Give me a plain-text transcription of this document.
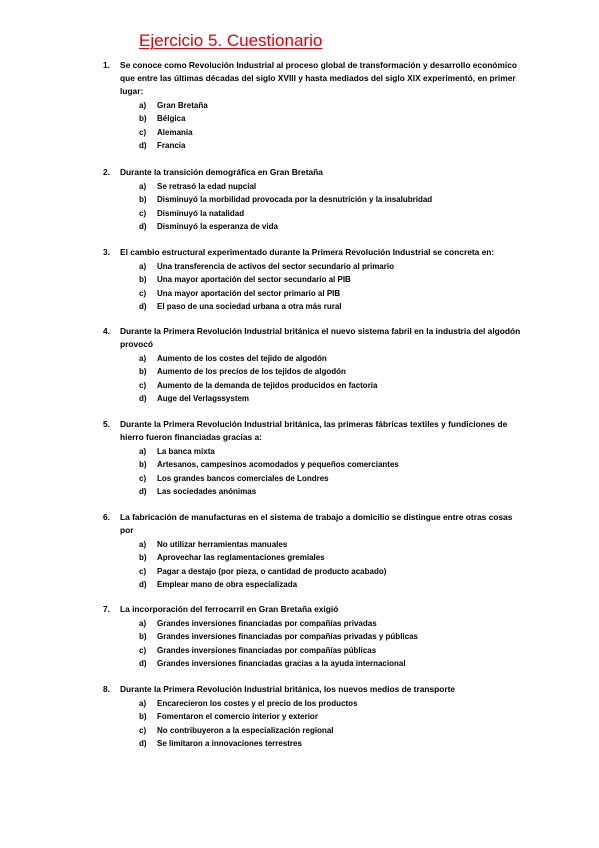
Ejercicio 5. Cuestionario
1.	Se conoce como Revolución Industrial al proceso global de transformación y desarrollo económico que entre las últimas décadas del siglo XVIII y hasta mediados del siglo XIX experimentó, en primer lugar:
a)	Gran Bretaña
b)	Bélgica
c)	Alemania
d)	Francia
2.	Durante la transición demográfica en Gran Bretaña
a)	Se retrasó la edad nupcial
b)	Disminuyó la morbilidad provocada por la desnutrición y la insalubridad
c)	Disminuyó la natalidad
d)	Disminuyó la esperanza de vida
3.	El cambio estructural experimentado durante la Primera Revolución Industrial se concreta en:
a)	Una transferencia de activos del sector secundario al primario
b)	Una mayor aportación del sector secundario al PIB
c)	Una mayor aportación del sector primario al PIB
d)	El paso de una sociedad urbana a otra más rural
4.	Durante la Primera Revolución Industrial británica el nuevo sistema fabril en la industria del algodón provocó
a)	Aumento de los costes del tejido de algodón
b)	Aumento de los precios de los tejidos de algodón
c)	Aumento de la demanda de tejidos producidos en factoría
d)	Auge del Verlagssystem
5.	Durante la Primera Revolución Industrial británica, las primeras fábricas textiles y fundiciones de hierro fueron financiadas gracias a:
a)	La banca mixta
b)	Artesanos, campesinos acomodados y pequeños comerciantes
c)	Los grandes bancos comerciales de Londres
d)	Las sociedades anónimas
6.	La fabricación de manufacturas en el sistema de trabajo a domicilio se distingue entre otras cosas por
a)	No utilizar herramientas manuales
b)	Aprovechar las reglamentaciones gremiales
c)	Pagar a destajo (por pieza, o cantidad de producto acabado)
d)	Emplear mano de obra especializada
7.	La incorporación del ferrocarril en Gran Bretaña exigió
a)	Grandes inversiones financiadas por compañías privadas
b)	Grandes inversiones financiadas por compañías privadas y públicas
c)	Grandes inversiones financiadas por compañías públicas
d)	Grandes inversiones financiadas gracias a la ayuda internacional
8.	Durante la Primera Revolución Industrial británica, los nuevos medios de transporte
a)	Encarecieron los costes y el precio de los productos
b)	Fomentaron el comercio interior y exterior
c)	No contribuyeron a la especialización regional
d)	Se limitaron a innovaciones terrestres
